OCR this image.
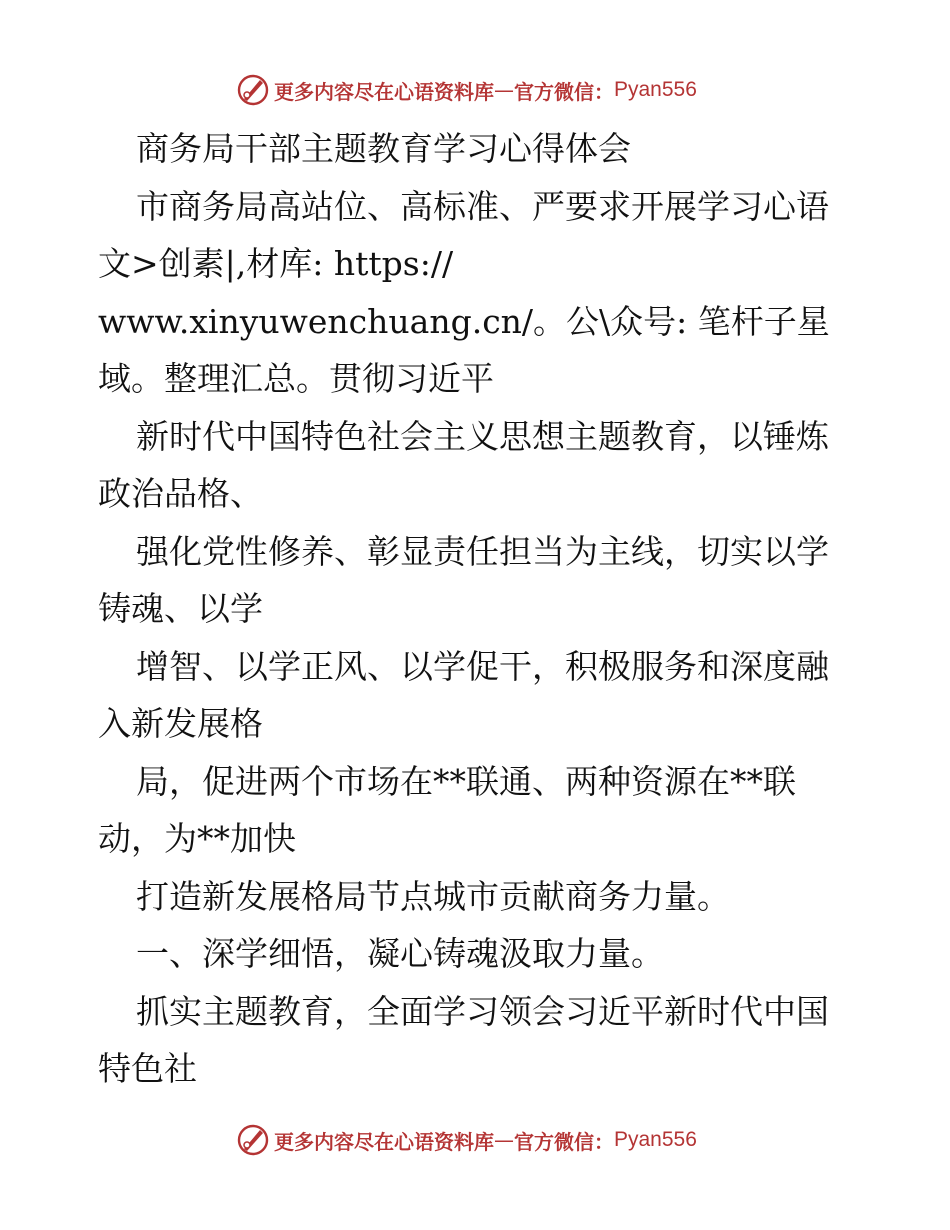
更多内容尽在心语资料库 — 官方微信： Pyan556
商务局干部主题教育学习心得体会
市商务局高站位、高标准、严要求开展学习心语
文>创素|,材库: https://
www.xinyuwenchuang.cn/。公\众号: 笔杆子星
域。整理汇总。贯彻习近平
新时代中国特色社会主义思想主题教育，以锤炼
政治品格、
强化党性修养、彰显责任担当为主线，切实以学
铸魂、以学
增智、以学正风、以学促干，积极服务和深度融
入新发展格
局，促进两个市场在**联通、两种资源在**联
动，为**加快
打造新发展格局节点城市贡献商务力量。
一、深学细悟，凝心铸魂汲取力量。
抓实主题教育，全面学习领会习近平新时代中国
特色社
更多内容尽在心语资料库 — 官方微信： Pyan556
